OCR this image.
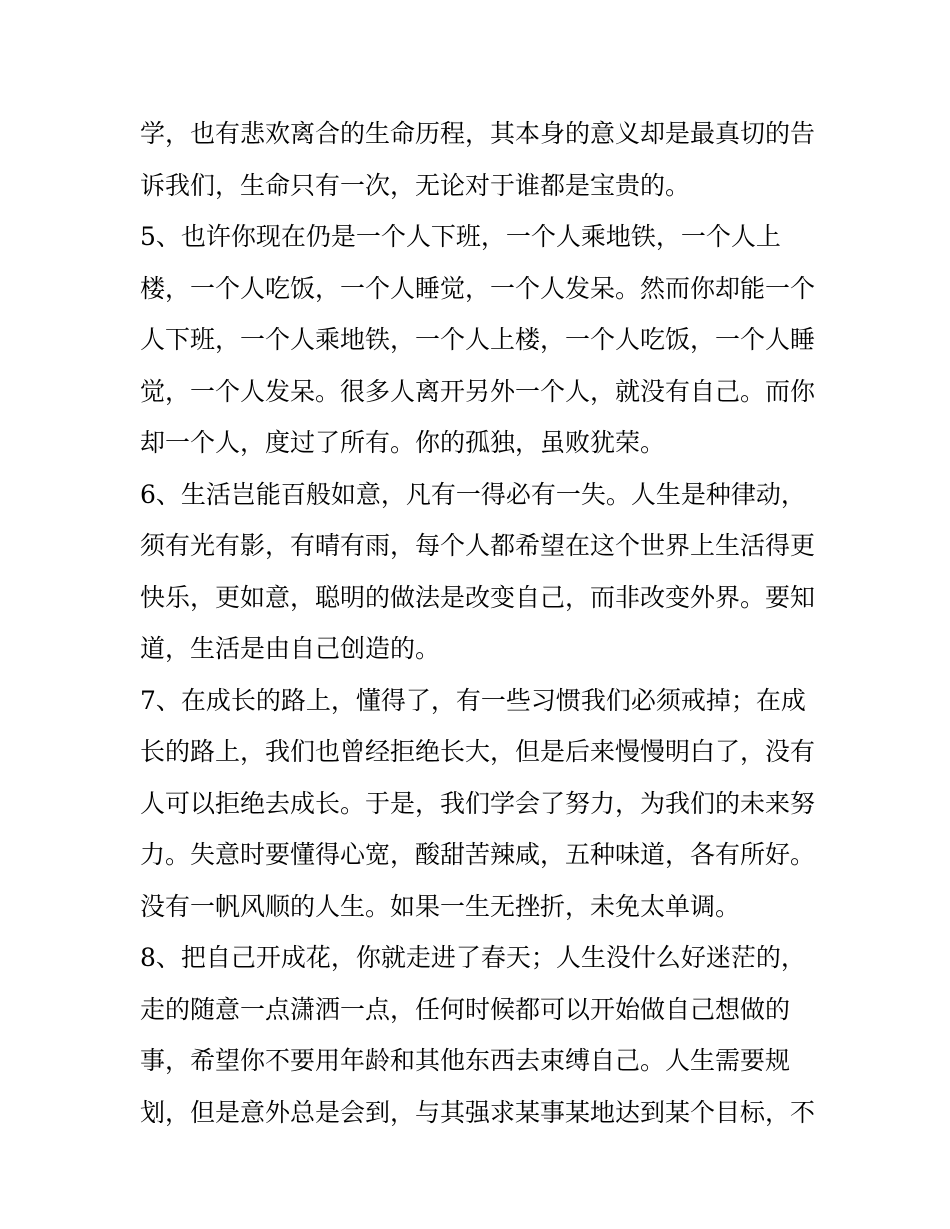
学，也有悲欢离合的生命历程，其本身的意义却是最真切的告
诉我们，生命只有一次，无论对于谁都是宝贵的。
5、也许你现在仍是一个人下班，一个人乘地铁，一个人上
楼，一个人吃饭，一个人睡觉，一个人发呆。然而你却能一个
人下班，一个人乘地铁，一个人上楼，一个人吃饭，一个人睡
觉，一个人发呆。很多人离开另外一个人，就没有自己。而你
却一个人，度过了所有。你的孤独，虽败犹荣。
6、生活岂能百般如意，凡有一得必有一失。人生是种律动，
须有光有影，有晴有雨，每个人都希望在这个世界上生活得更
快乐，更如意，聪明的做法是改变自己，而非改变外界。要知
道，生活是由自己创造的。
7、在成长的路上，懂得了，有一些习惯我们必须戒掉；在成
长的路上，我们也曾经拒绝长大，但是后来慢慢明白了，没有
人可以拒绝去成长。于是，我们学会了努力，为我们的未来努
力。失意时要懂得心宽，酸甜苦辣咸，五种味道，各有所好。
没有一帆风顺的人生。如果一生无挫折，未免太单调。
8、把自己开成花，你就走进了春天；人生没什么好迷茫的，
走的随意一点潇洒一点，任何时候都可以开始做自己想做的
事，希望你不要用年龄和其他东西去束缚自己。人生需要规
划，但是意外总是会到，与其强求某事某地达到某个目标，不
